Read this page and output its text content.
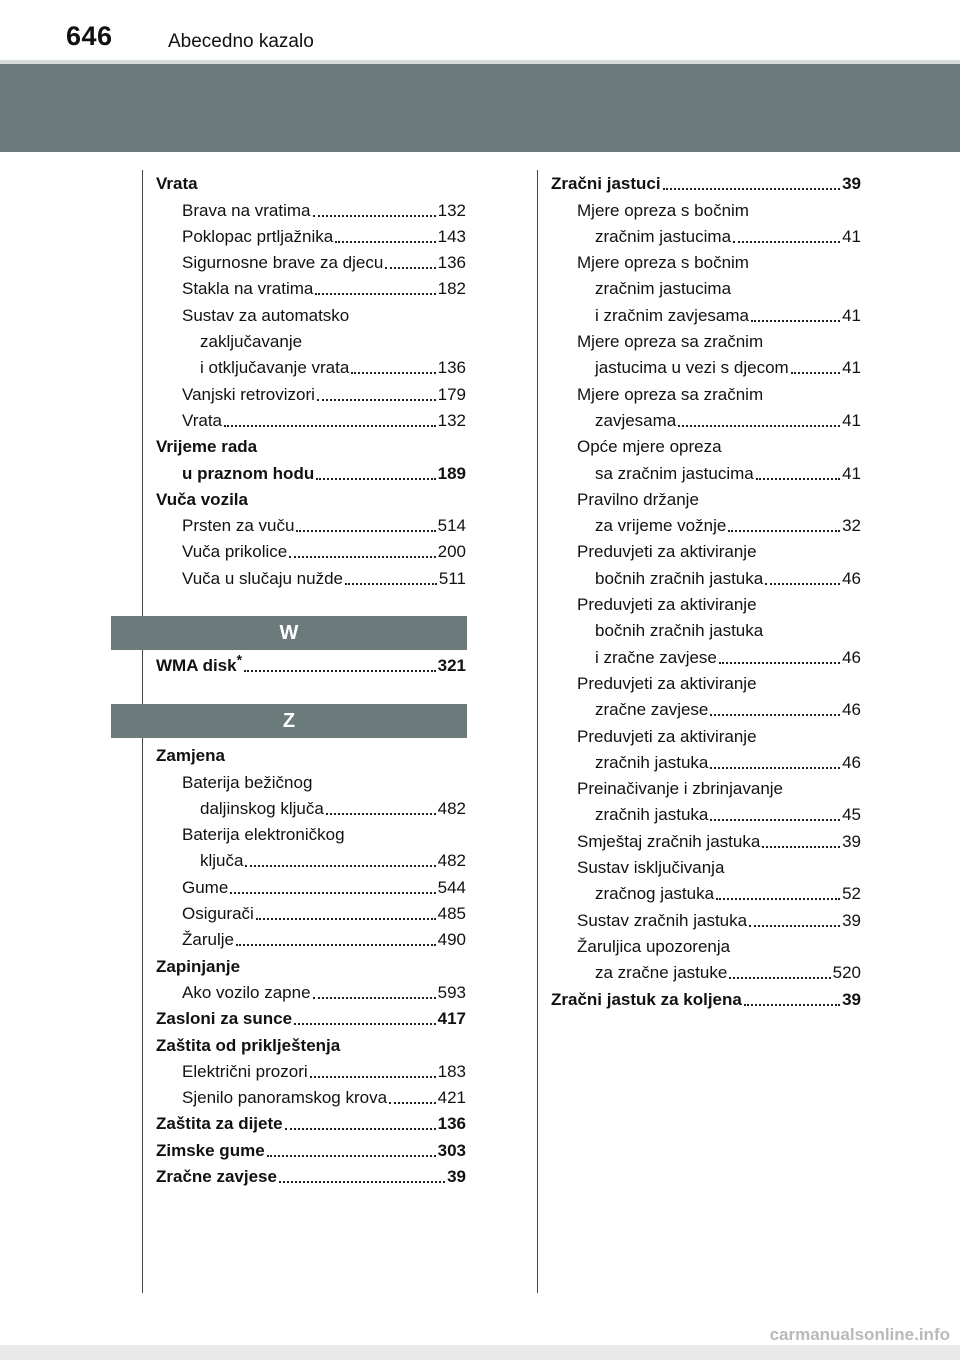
646	Abecedno kazalo
Vrata
Brava na vratima	132
Poklopac prtljažnika	143
Sigurnosne brave za djecu	136
Stakla na vratima	182
Sustav za automatsko
zaključavanje
i otključavanje vrata	136
Vanjski retrovizori	179
Vrata	132
Vrijeme rada
u praznom hodu	189
Vuča vozila
Prsten za vuču	514
Vuča prikolice	200
Vuča u slučaju nužde	511
W
WMA disk*	321
Z
Zamjena
Baterija bežičnog
daljinskog ključa	482
Baterija elektroničkog
ključa	482
Gume	544
Osigurači	485
Žarulje	490
Zapinjanje
Ako vozilo zapne	593
Zasloni za sunce	417
Zaštita od priklještenja
Električni prozori	183
Sjenilo panoramskog krova	421
Zaštita za dijete	136
Zimske gume	303
Zračne zavjese	39
Zračni jastuci	39
Mjere opreza s bočnim
zračnim jastucima	41
Mjere opreza s bočnim
zračnim jastucima
i zračnim zavjesama	41
Mjere opreza sa zračnim
jastucima u vezi s djecom	41
Mjere opreza sa zračnim
zavjesama	41
Opće mjere opreza
sa zračnim jastucima	41
Pravilno držanje
za vrijeme vožnje	32
Preduvjeti za aktiviranje
bočnih zračnih jastuka	46
Preduvjeti za aktiviranje
bočnih zračnih jastuka
i zračne zavjese	46
Preduvjeti za aktiviranje
zračne zavjese	46
Preduvjeti za aktiviranje
zračnih jastuka	46
Preinačivanje i zbrinjavanje
zračnih jastuka	45
Smještaj zračnih jastuka	39
Sustav isključivanja
zračnog jastuka	52
Sustav zračnih jastuka	39
Žaruljica upozorenja
za zračne jastuke	520
Zračni jastuk za koljena	39
carmanualsonline.info
